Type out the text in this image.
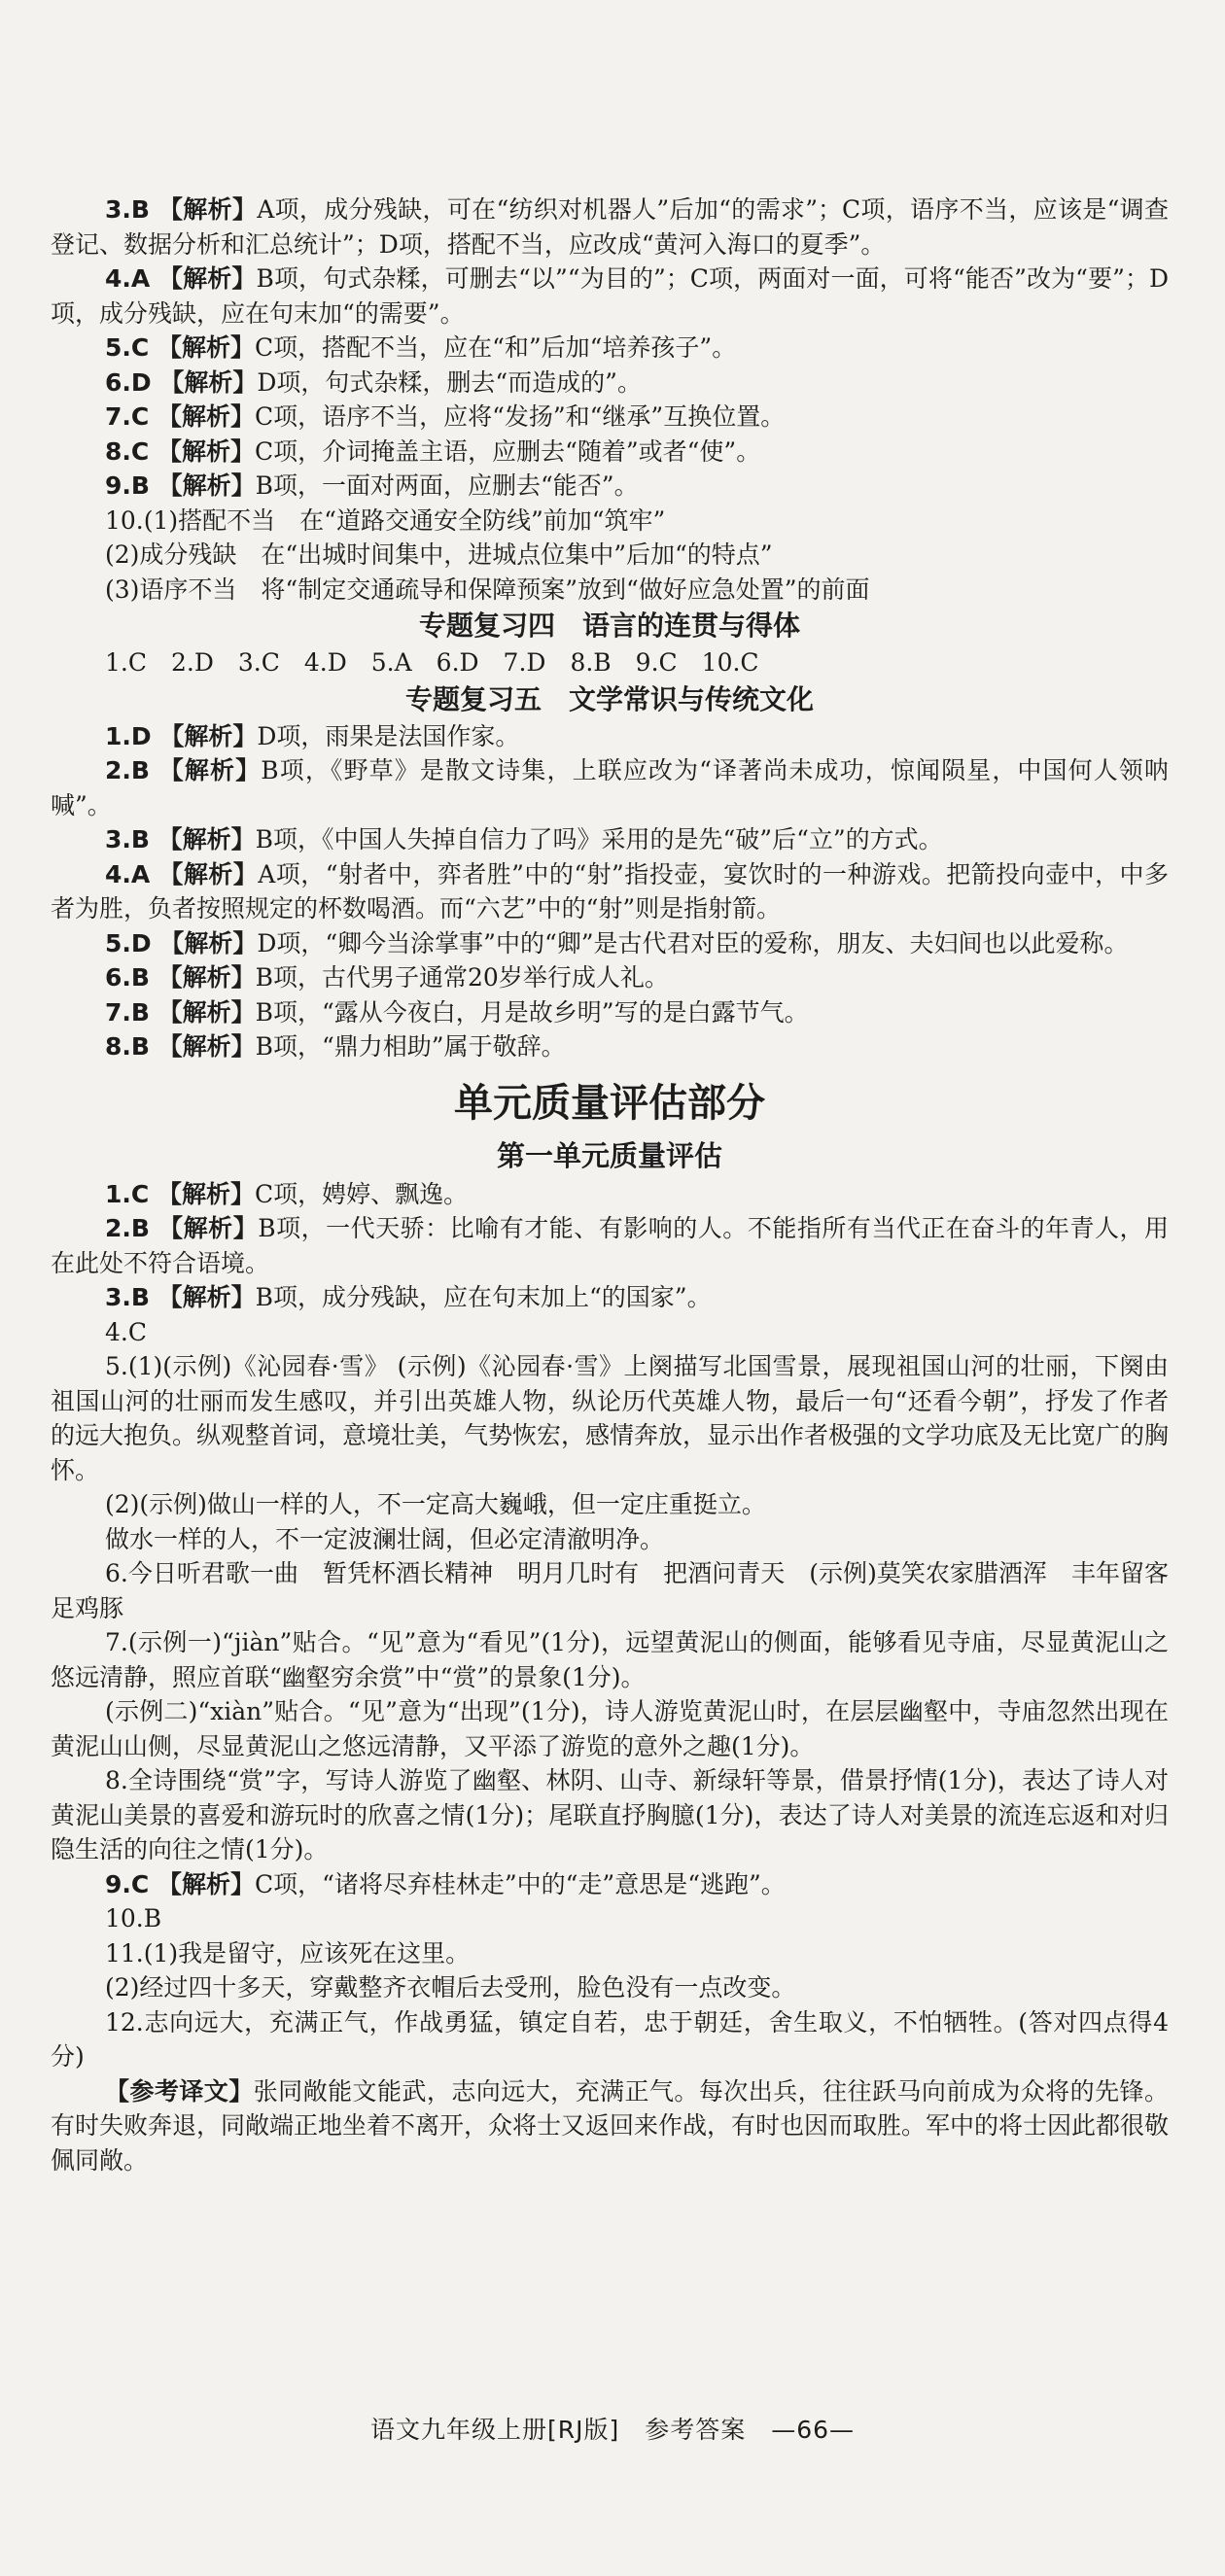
3.B 【解析】A项，成分残缺，可在“纺织对机器人”后加“的需求”；C项，语序不当，应该是“调查登记、数据分析和汇总统计”；D项，搭配不当，应改成“黄河入海口的夏季”。
4.A 【解析】B项，句式杂糅，可删去“以”“为目的”；C项，两面对一面，可将“能否”改为“要”；D项，成分残缺，应在句末加“的需要”。
5.C 【解析】C项，搭配不当，应在“和”后加“培养孩子”。
6.D 【解析】D项，句式杂糅，删去“而造成的”。
7.C 【解析】C项，语序不当，应将“发扬”和“继承”互换位置。
8.C 【解析】C项，介词掩盖主语，应删去“随着”或者“使”。
9.B 【解析】B项，一面对两面，应删去“能否”。
10.(1)搭配不当　在“道路交通安全防线”前加“筑牢”
(2)成分残缺　在“出城时间集中，进城点位集中”后加“的特点”
(3)语序不当　将“制定交通疏导和保障预案”放到“做好应急处置”的前面
专题复习四　语言的连贯与得体
1.C　2.D　3.C　4.D　5.A　6.D　7.D　8.B　9.C　10.C
专题复习五　文学常识与传统文化
1.D 【解析】D项，雨果是法国作家。
2.B 【解析】B项，《野草》是散文诗集，上联应改为“译著尚未成功，惊闻陨星，中国何人领呐喊”。
3.B 【解析】B项，《中国人失掉自信力了吗》采用的是先“破”后“立”的方式。
4.A 【解析】A项，“射者中，弈者胜”中的“射”指投壶，宴饮时的一种游戏。把箭投向壶中，中多者为胜，负者按照规定的杯数喝酒。而“六艺”中的“射”则是指射箭。
5.D 【解析】D项，“卿今当涂掌事”中的“卿”是古代君对臣的爱称，朋友、夫妇间也以此爱称。
6.B 【解析】B项，古代男子通常20岁举行成人礼。
7.B 【解析】B项，“露从今夜白，月是故乡明”写的是白露节气。
8.B 【解析】B项，“鼎力相助”属于敬辞。
单元质量评估部分
第一单元质量评估
1.C 【解析】C项，娉婷、飘逸。
2.B 【解析】B项，一代天骄：比喻有才能、有影响的人。不能指所有当代正在奋斗的年青人，用在此处不符合语境。
3.B 【解析】B项，成分残缺，应在句末加上“的国家”。
4.C
5.(1)(示例)《沁园春·雪》 (示例)《沁园春·雪》上阕描写北国雪景，展现祖国山河的壮丽，下阕由祖国山河的壮丽而发生感叹，并引出英雄人物，纵论历代英雄人物，最后一句“还看今朝”，抒发了作者的远大抱负。纵观整首词，意境壮美，气势恢宏，感情奔放，显示出作者极强的文学功底及无比宽广的胸怀。
(2)(示例)做山一样的人，不一定高大巍峨，但一定庄重挺立。
做水一样的人，不一定波澜壮阔，但必定清澈明净。
6.今日听君歌一曲　暂凭杯酒长精神　明月几时有　把酒问青天　(示例)莫笑农家腊酒浑　丰年留客足鸡豚
7.(示例一)“jiàn”贴合。“见”意为“看见”(1分)，远望黄泥山的侧面，能够看见寺庙，尽显黄泥山之悠远清静，照应首联“幽壑穷余赏”中“赏”的景象(1分)。
(示例二)“xiàn”贴合。“见”意为“出现”(1分)，诗人游览黄泥山时，在层层幽壑中，寺庙忽然出现在黄泥山山侧，尽显黄泥山之悠远清静，又平添了游览的意外之趣(1分)。
8.全诗围绕“赏”字，写诗人游览了幽壑、林阴、山寺、新绿轩等景，借景抒情(1分)，表达了诗人对黄泥山美景的喜爱和游玩时的欣喜之情(1分)；尾联直抒胸臆(1分)，表达了诗人对美景的流连忘返和对归隐生活的向往之情(1分)。
9.C 【解析】C项，“诸将尽弃桂林走”中的“走”意思是“逃跑”。
10.B
11.(1)我是留守，应该死在这里。
(2)经过四十多天，穿戴整齐衣帽后去受刑，脸色没有一点改变。
12.志向远大，充满正气，作战勇猛，镇定自若，忠于朝廷，舍生取义，不怕牺牲。(答对四点得4分)
【参考译文】张同敞能文能武，志向远大，充满正气。每次出兵，往往跃马向前成为众将的先锋。有时失败奔退，同敞端正地坐着不离开，众将士又返回来作战，有时也因而取胜。军中的将士因此都很敬佩同敞。
语文九年级上册[RJ版]　参考答案　—66—
